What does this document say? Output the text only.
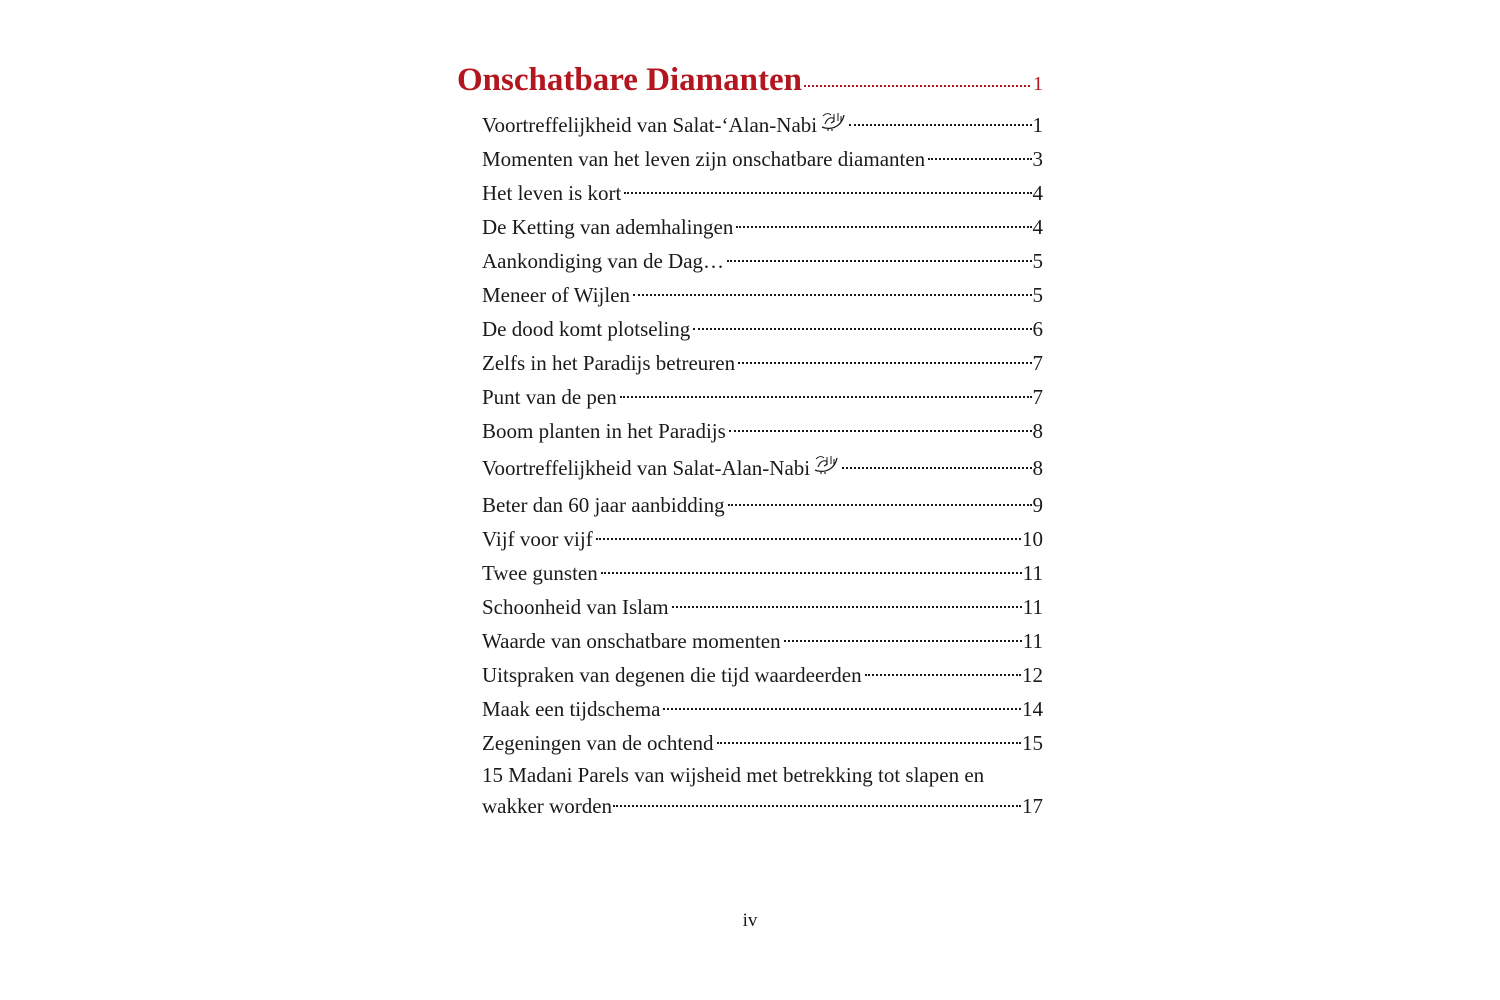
Onschatbare Diamanten	1
Voortreffelijkheid van Salat-‘Alan-Nabi	1
Momenten van het leven zijn onschatbare diamanten	3
Het leven is kort	4
De Ketting van ademhalingen	4
Aankondiging van de Dag…	5
Meneer of Wijlen	5
De dood komt plotseling	6
Zelfs in het Paradijs betreuren	7
Punt van de pen	7
Boom planten in het Paradijs	8
Voortreffelijkheid van Salat-Alan-Nabi	8
Beter dan 60 jaar aanbidding	9
Vijf voor vijf	10
Twee gunsten	11
Schoonheid van Islam	11
Waarde van onschatbare momenten	11
Uitspraken van degenen die tijd waardeerden	12
Maak een tijdschema	14
Zegeningen van de ochtend	15
15 Madani Parels van wijsheid met betrekking tot slapen en
wakker worden	17
iv
